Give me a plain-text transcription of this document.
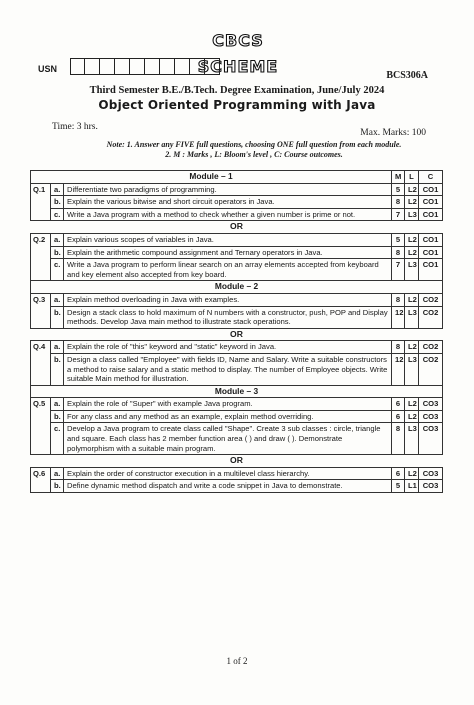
CBCS SCHEME
USN
BCS306A
Third Semester B.E./B.Tech. Degree Examination, June/July 2024
Object Oriented Programming with Java
Time: 3 hrs.
Max. Marks: 100
Note: 1. Answer any FIVE full questions, choosing ONE full question from each module.
2. M : Marks , L: Bloom's level , C: Course outcomes.
Module – 1			M	L	C
Q.1	a.	Differentiate two paradigms of programming.	5	L2	CO1
	b.	Explain the various bitwise and short circuit operators in Java.	8	L2	CO1
	c.	Write a Java program with a method to check whether a given number is prime or not.	7	L3	CO1
OR					
Q.2	a.	Explain various scopes of variables in Java.	5	L2	CO1
	b.	Explain the arithmetic compound assignment and Ternary operators in Java.	8	L2	CO1
	c.	Write a Java program to perform linear search on an array elements accepted from keyboard and key element also accepted from key board.	7	L3	CO1
Module – 2					
Q.3	a.	Explain method overloading in Java with examples.	8	L2	CO2
	b.	Design a stack class to hold maximum of N numbers with a constructor, push, POP and Display methods. Develop Java main method to illustrate stack operations.	12	L3	CO2
OR					
Q.4	a.	Explain the role of "this" keyword and "static" keyword in Java.	8	L2	CO2
	b.	Design a class called "Employee" with fields ID, Name and Salary. Write a suitable constructors a method to raise salary and a static method to display. The number of Employee objects. Write suitable Main method for illustration.	12	L3	CO2
Module – 3					
Q.5	a.	Explain the role of "Super" with example Java program.	6	L2	CO3
	b.	For any class and any method as an example, explain method overriding.	6	L2	CO3
	c.	Develop a Java program to create class called "Shape". Create 3 sub classes : circle, triangle and square. Each class has 2 member function area ( ) and draw ( ). Demonstrate polymorphism with a suitable main program.	8	L3	CO3
OR					
Q.6	a.	Explain the order of constructor execution in a multilevel class hierarchy.	6	L2	CO3
	b.	Define dynamic method dispatch and write a code snippet in Java to demonstrate.	5	L1	CO3
1 of 2
